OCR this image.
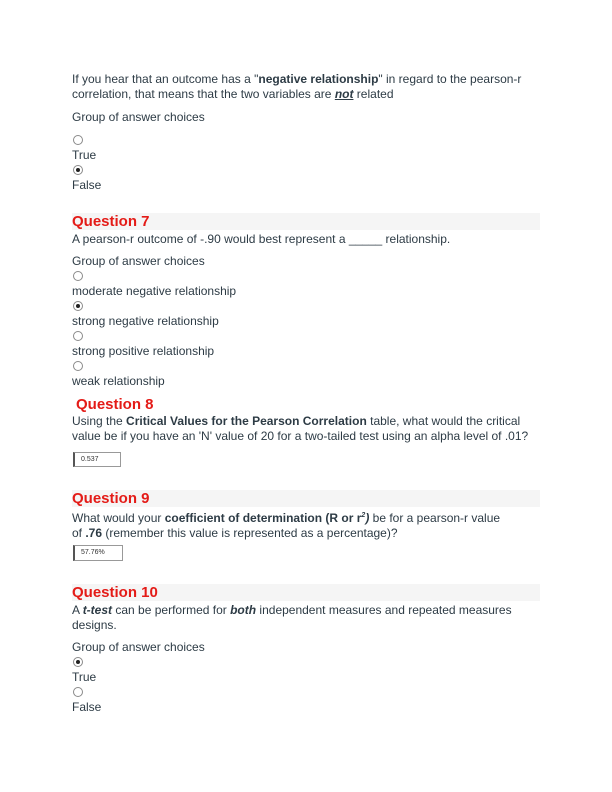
If you hear that an outcome has a "negative relationship" in regard to the pearson-r
correlation, that means that the two variables are not related
Group of answer choices
True
False
Question 7
A pearson-r outcome of -.90 would best represent a _____ relationship.
Group of answer choices
moderate negative relationship
strong negative relationship
strong positive relationship
weak relationship
Question 8
Using the Critical Values for the Pearson Correlation table, what would the critical
value be if you have an 'N' value of 20 for a two-tailed test using an alpha level of .01?
0.537
Question 9
What would your coefficient of determination (R or $r^2$) be for a pearson-r value
of .76 (remember this value is represented as a percentage)?
57.76%
Question 10
A t-test can be performed for both independent measures and repeated measures
designs.
Group of answer choices
True
False
